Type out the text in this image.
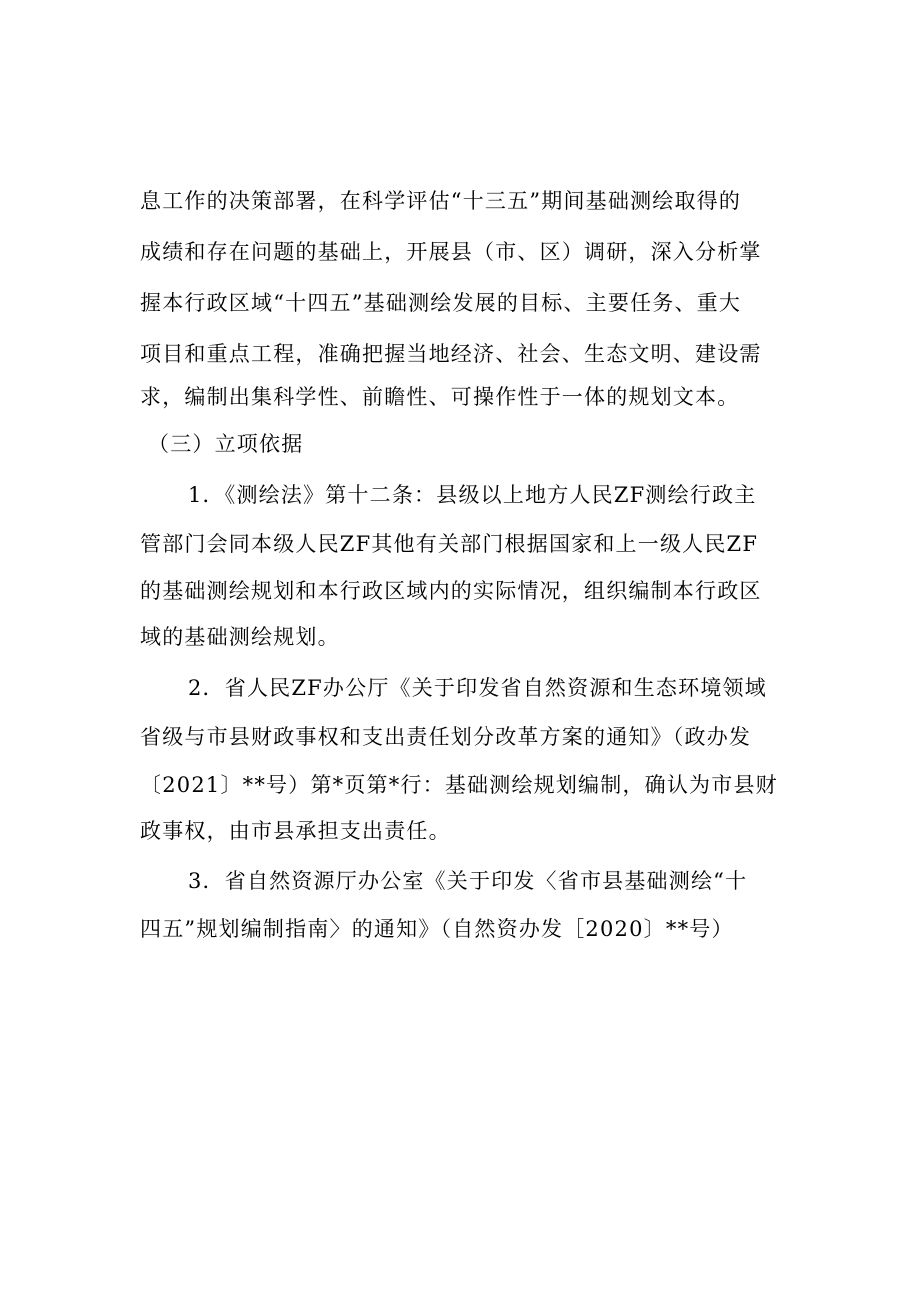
息工作的决策部署，在科学评估“十三五”期间基础测绘取得的
成绩和存在问题的基础上，开展县（市、区）调研，深入分析掌
握本行政区域“十四五”基础测绘发展的目标、主要任务、重大
项目和重点工程，准确把握当地经济、社会、生态文明、建设需
求，编制出集科学性、前瞻性、可操作性于一体的规划文本。
（三）立项依据
1．《测绘法》第十二条：县级以上地方人民ZF测绘行政主
管部门会同本级人民ZF其他有关部门根据国家和上一级人民ZF
的基础测绘规划和本行政区域内的实际情况，组织编制本行政区
域的基础测绘规划。
2．省人民ZF办公厅《关于印发省自然资源和生态环境领域
省级与市县财政事权和支出责任划分改革方案的通知》（政办发
〔2021〕**号）第*页第*行：基础测绘规划编制，确认为市县财
政事权，由市县承担支出责任。
3．省自然资源厅办公室《关于印发〈省市县基础测绘“十
四五”规划编制指南〉的通知》（自然资办发［2020〕**号）
